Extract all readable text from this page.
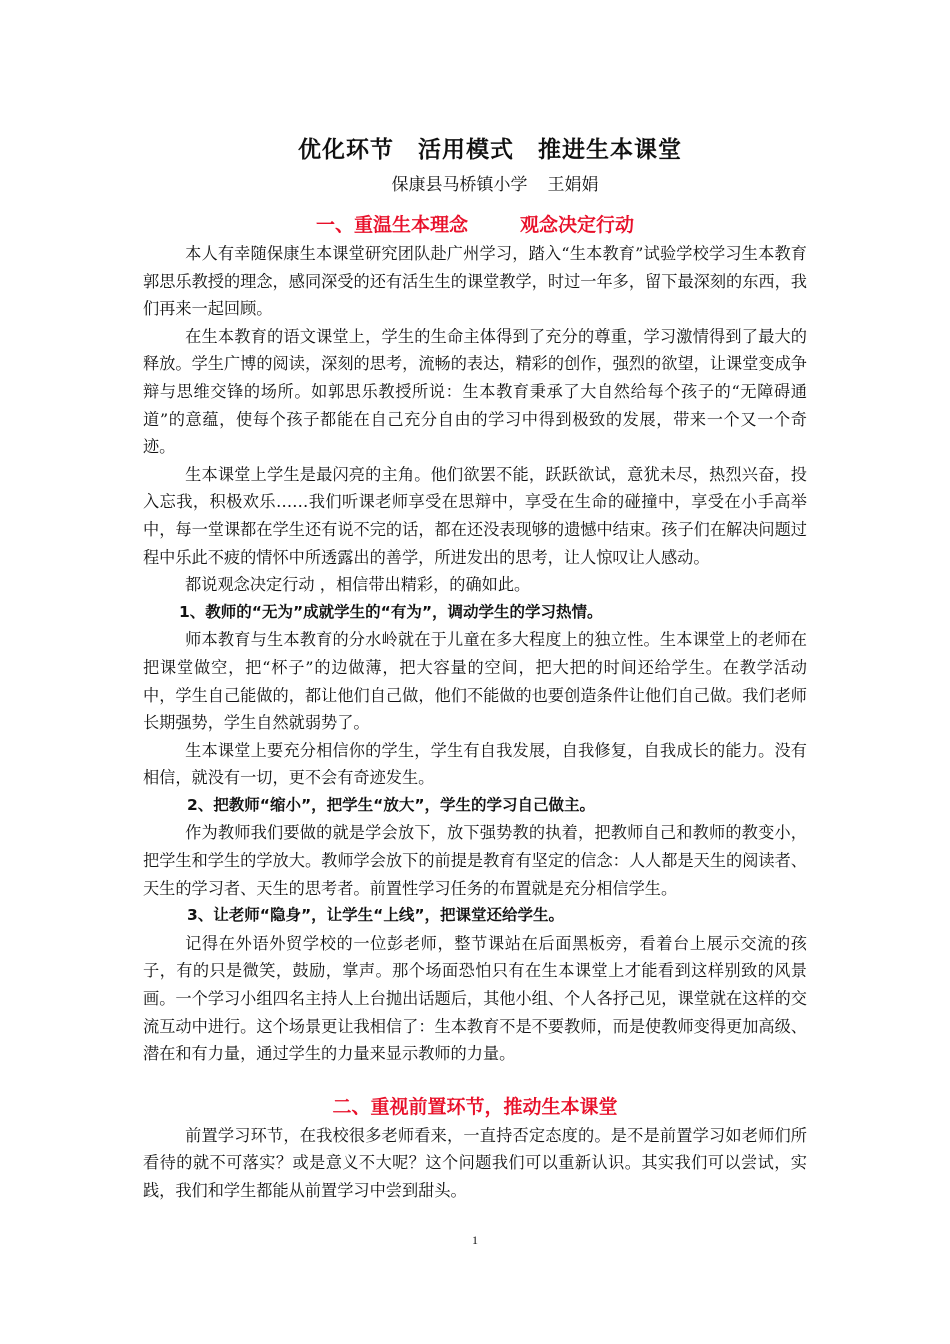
优化环节 活用模式 推进生本课堂

保康县马桥镇小学 王娟娟

一、重温生本理念	观念决定行动

本人有幸随保康生本课堂研究团队赴广州学习，踏入“生本教育”试验学校学习生本教育郭思乐教授的理念，感同深受的还有活生生的课堂教学，时过一年多，留下最深刻的东西，我们再来一起回顾。

在生本教育的语文课堂上，学生的生命主体得到了充分的尊重，学习激情得到了最大的释放。学生广博的阅读，深刻的思考，流畅的表达，精彩的创作，强烈的欲望，让课堂变成争辩与思维交锋的场所。如郭思乐教授所说：生本教育秉承了大自然给每个孩子的“无障碍通道”的意蕴，使每个孩子都能在自己充分自由的学习中得到极致的发展，带来一个又一个奇迹。

生本课堂上学生是最闪亮的主角。他们欲罢不能，跃跃欲试，意犹未尽，热烈兴奋，投入忘我，积极欢乐……我们听课老师享受在思辩中，享受在生命的碰撞中，享受在小手高举中，每一堂课都在学生还有说不完的话，都在还没表现够的遗憾中结束。孩子们在解决问题过程中乐此不疲的情怀中所透露出的善学，所进发出的思考，让人惊叹让人感动。

都说观念决定行动 ，相信带出精彩，的确如此。

1、教师的“无为”成就学生的“有为”，调动学生的学习热情。

师本教育与生本教育的分水岭就在于儿童在多大程度上的独立性。生本课堂上的老师在把课堂做空，把“杯子”的边做薄，把大容量的空间，把大把的时间还给学生。在教学活动中，学生自己能做的，都让他们自己做，他们不能做的也要创造条件让他们自己做。我们老师长期强势，学生自然就弱势了。

生本课堂上要充分相信你的学生，学生有自我发展，自我修复，自我成长的能力。没有相信，就没有一切，更不会有奇迹发生。

2、把教师“缩小”，把学生“放大”，学生的学习自己做主。

作为教师我们要做的就是学会放下，放下强势教的执着，把教师自己和教师的教变小，把学生和学生的学放大。教师学会放下的前提是教育有坚定的信念：人人都是天生的阅读者、天生的学习者、天生的思考者。前置性学习任务的布置就是充分相信学生。

3、让老师“隐身”，让学生“上线”，把课堂还给学生。

记得在外语外贸学校的一位彭老师，整节课站在后面黑板旁，看着台上展示交流的孩子，有的只是微笑，鼓励，掌声。那个场面恐怕只有在生本课堂上才能看到这样别致的风景画。一个学习小组四名主持人上台抛出话题后，其他小组、个人各抒己见，课堂就在这样的交流互动中进行。这个场景更让我相信了：生本教育不是不要教师，而是使教师变得更加高级、潜在和有力量，通过学生的力量来显示教师的力量。

二、重视前置环节，推动生本课堂

前置学习环节，在我校很多老师看来，一直持否定态度的。是不是前置学习如老师们所看待的就不可落实？或是意义不大呢？这个问题我们可以重新认识。其实我们可以尝试，实践，我们和学生都能从前置学习中尝到甜头。

1
